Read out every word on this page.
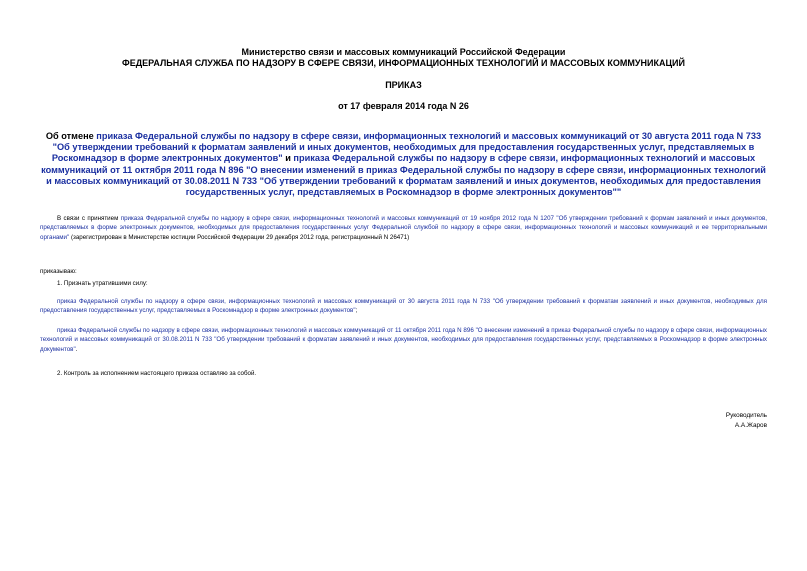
Министерство связи и массовых коммуникаций Российской Федерации
ФЕДЕРАЛЬНАЯ СЛУЖБА ПО НАДЗОРУ В СФЕРЕ СВЯЗИ, ИНФОРМАЦИОННЫХ ТЕХНОЛОГИЙ И МАССОВЫХ КОММУНИКАЦИЙ
ПРИКАЗ
от 17 февраля 2014 года N 26
Об отмене приказа Федеральной службы по надзору в сфере связи, информационных технологий и массовых коммуникаций от 30 августа 2011 года N 733 "Об утверждении требований к форматам заявлений и иных документов, необходимых для предоставления государственных услуг, представляемых в Роскомнадзор в форме электронных документов" и приказа Федеральной службы по надзору в сфере связи, информационных технологий и массовых коммуникаций от 11 октября 2011 года N 896 "О внесении изменений в приказ Федеральной службы по надзору в сфере связи, информационных технологий и массовых коммуникаций от 30.08.2011 N 733 "Об утверждении требований к форматам заявлений и иных документов, необходимых для предоставления государственных услуг, представляемых в Роскомнадзор в форме электронных документов""
В связи с принятием приказа Федеральной службы по надзору в сфере связи, информационных технологий и массовых коммуникаций от 19 ноября 2012 года N 1207 "Об утверждении требований к формам заявлений и иных документов, представляемых в форме электронных документов, необходимых для предоставления государственных услуг Федеральной службой по надзору в сфере связи, информационных технологий и массовых коммуникаций и ее территориальными органами" (зарегистрирован в Министерстве юстиции Российской Федерации 29 декабря 2012 года, регистрационный N 26471)
приказываю:
1. Признать утратившими силу:
приказ Федеральной службы по надзору в сфере связи, информационных технологий и массовых коммуникаций от 30 августа 2011 года N 733 "Об утверждении требований к форматам заявлений и иных документов, необходимых для предоставления государственных услуг, представляемых в Роскомнадзор в форме электронных документов";
приказ Федеральной службы по надзору в сфере связи, информационных технологий и массовых коммуникаций от 11 октября 2011 года N 896 "О внесении изменений в приказ Федеральной службы по надзору в сфере связи, информационных технологий и массовых коммуникаций от 30.08.2011 N 733 "Об утверждении требований к форматам заявлений и иных документов, необходимых для предоставления государственных услуг, представляемых в Роскомнадзор в форме электронных документов".
2. Контроль за исполнением настоящего приказа оставляю за собой.
Руководитель
А.А.Жаров
